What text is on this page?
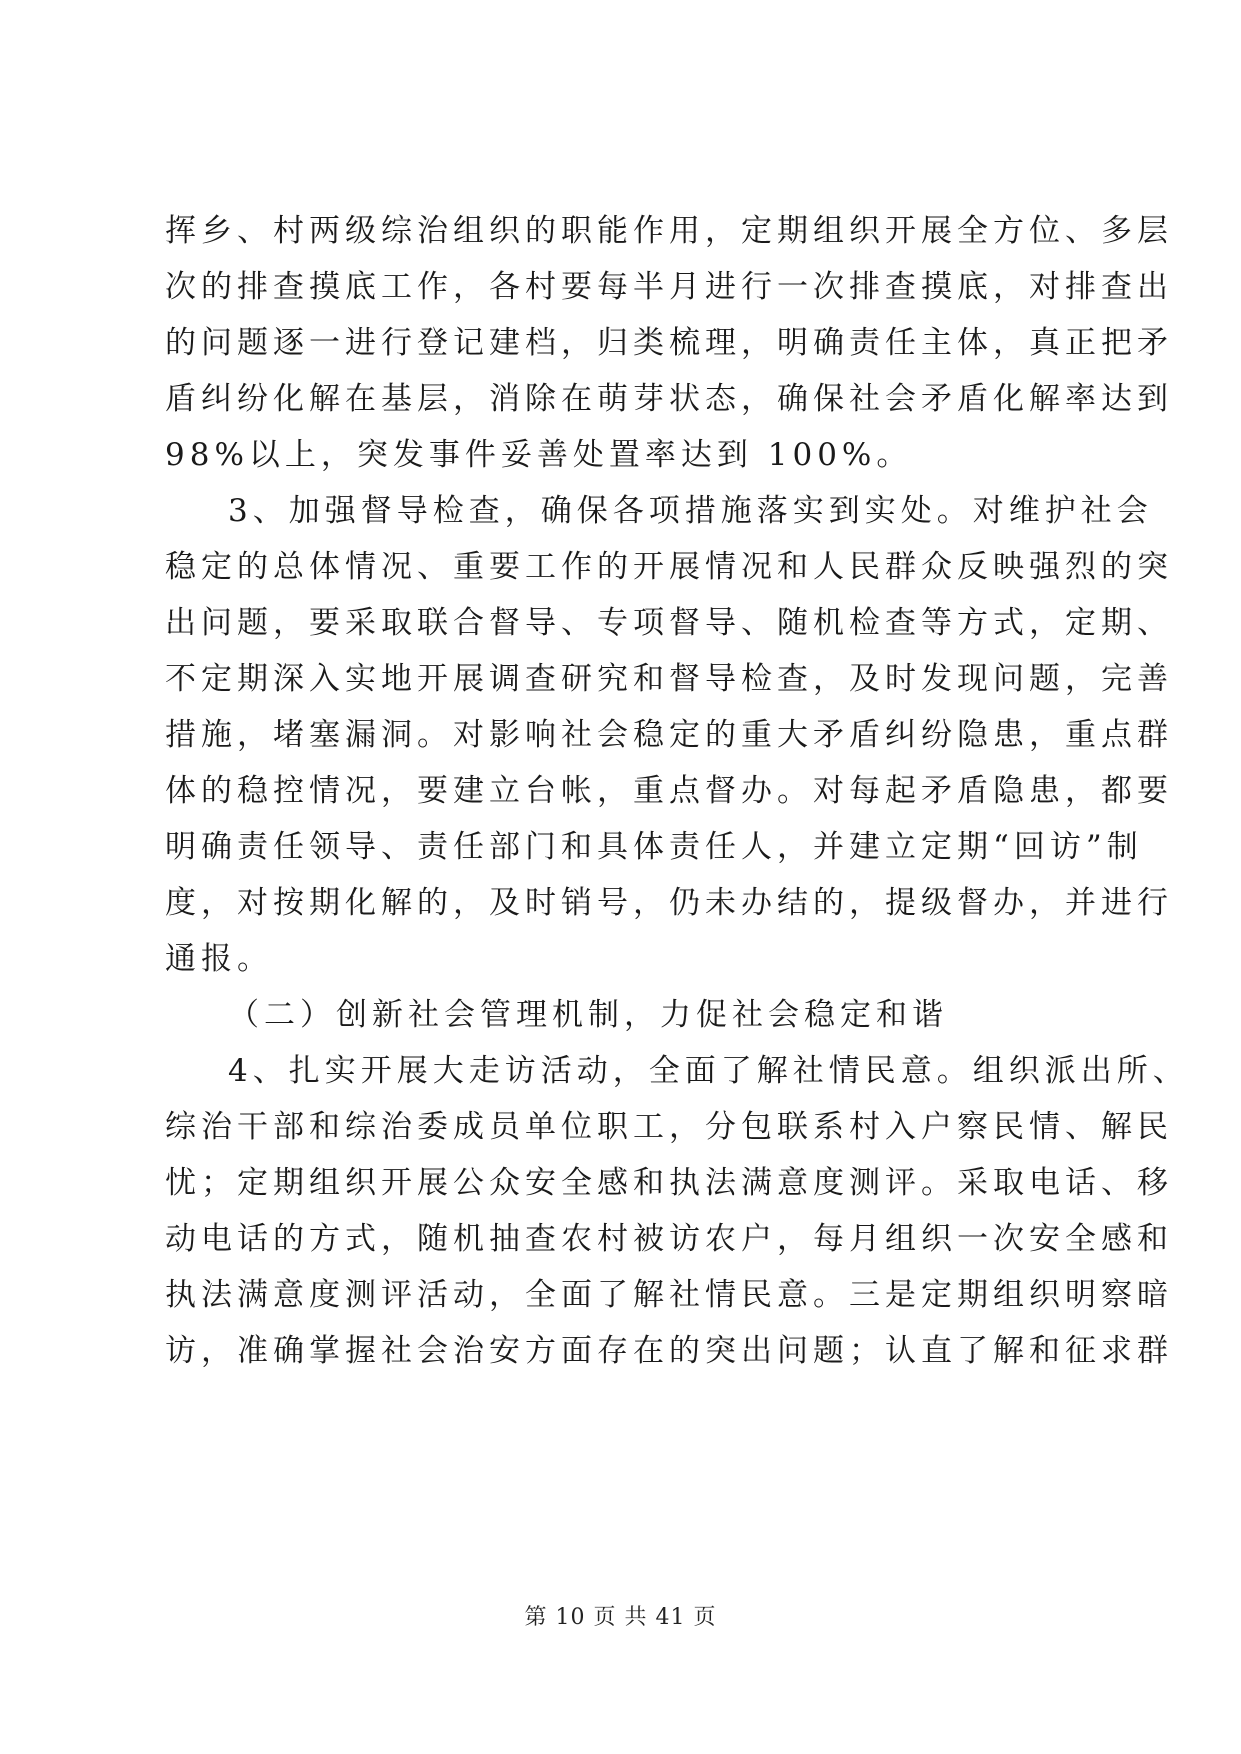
挥乡、村两级综治组织的职能作用，定期组织开展全方位、多层
次的排查摸底工作，各村要每半月进行一次排查摸底，对排查出
的问题逐一进行登记建档，归类梳理，明确责任主体，真正把矛
盾纠纷化解在基层，消除在萌芽状态，确保社会矛盾化解率达到
98%以上，突发事件妥善处置率达到 100%。
3、加强督导检查，确保各项措施落实到实处。对维护社会
稳定的总体情况、重要工作的开展情况和人民群众反映强烈的突
出问题，要采取联合督导、专项督导、随机检查等方式，定期、
不定期深入实地开展调查研究和督导检查，及时发现问题，完善
措施，堵塞漏洞。对影响社会稳定的重大矛盾纠纷隐患，重点群
体的稳控情况，要建立台帐，重点督办。对每起矛盾隐患，都要
明确责任领导、责任部门和具体责任人，并建立定期“回访”制
度，对按期化解的，及时销号，仍未办结的，提级督办，并进行
通报。
（二）创新社会管理机制，力促社会稳定和谐
4、扎实开展大走访活动，全面了解社情民意。组织派出所、
综治干部和综治委成员单位职工，分包联系村入户察民情、解民
忧；定期组织开展公众安全感和执法满意度测评。采取电话、移
动电话的方式，随机抽查农村被访农户，每月组织一次安全感和
执法满意度测评活动，全面了解社情民意。三是定期组织明察暗
访，准确掌握社会治安方面存在的突出问题；认直了解和征求群
第 10 页 共 41 页
